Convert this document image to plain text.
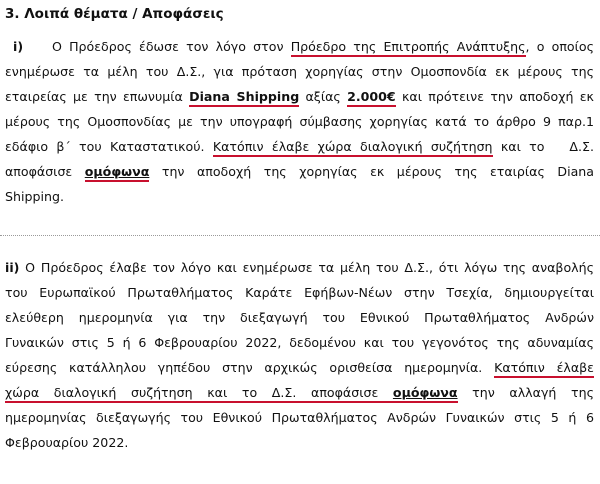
3. Λοιπά θέματα / Αποφάσεις
i) Ο Πρόεδρος έδωσε τον λόγο στον Πρόεδρο της Επιτροπής Ανάπτυξης, ο οποίος
ενημέρωσε τα μέλη του Δ.Σ., για πρόταση χορηγίας στην Ομοσπονδία εκ μέρους της
εταιρείας με την επωνυμία Diana Shipping αξίας 2.000€ και πρότεινε την αποδοχή εκ
μέρους της Ομοσπονδίας με την υπογραφή σύμβασης χορηγίας κατά το άρθρο 9 παρ.1
εδάφιο β΄ του Καταστατικού. Κατόπιν έλαβε χώρα διαλογική συζήτηση και το   Δ.Σ.
αποφάσισε ομόφωνα την αποδοχή της χορηγίας εκ μέρους της εταιρίας Diana
Shipping.
ii) Ο Πρόεδρος έλαβε τον λόγο και ενημέρωσε τα μέλη του Δ.Σ., ότι λόγω της αναβολής
του Ευρωπαϊκού Πρωταθλήματος Καράτε Εφήβων-Νέων στην Τσεχία, δημιουργείται
ελεύθερη ημερομηνία για την διεξαγωγή του Εθνικού Πρωταθλήματος Ανδρών
Γυναικών στις 5 ή 6 Φεβρουαρίου 2022, δεδομένου και του γεγονότος της αδυναμίας
εύρεσης κατάλληλου γηπέδου στην αρχικώς ορισθείσα ημερομηνία. Κατόπιν έλαβε
χώρα διαλογική συζήτηση και το Δ.Σ. αποφάσισε ομόφωνα την αλλαγή της
ημερομηνίας διεξαγωγής του Εθνικού Πρωταθλήματος Ανδρών Γυναικών στις 5 ή 6
Φεβρουαρίου 2022.
